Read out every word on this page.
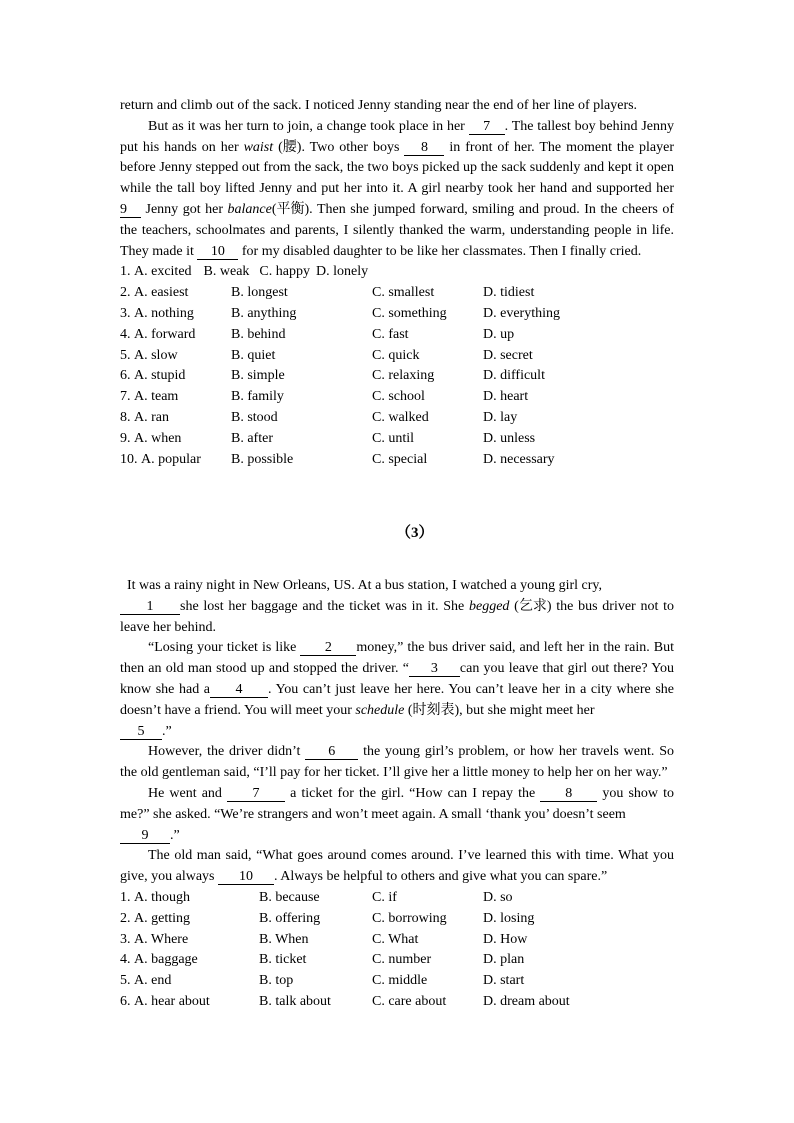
return and climb out of the sack. I noticed Jenny standing near the end of her line of players.
But as it was her turn to join, a change took place in her 7 . The tallest boy behind Jenny
put his hands on her waist (腰). Two other boys 8 in front of her. The moment the player
before Jenny stepped out from the sack, the two boys picked up the sack suddenly and kept it open
while the tall boy lifted Jenny and put her into it. A girl nearby took her hand and supported her
9 Jenny got her balance(平衡). Then she jumped forward, smiling and proud. In the cheers of
the teachers, schoolmates and parents, I silently thanked the warm, understanding people in life.
They made it 10 for my disabled daughter to be like her classmates. Then I finally cried.
1. A. excited B. weak C. happy D. lonely
2. A. easiest	B. longest	C. smallest	D. tidiest
3. A. nothing	B. anything	C. something	D. everything
4. A. forward	B. behind	C. fast	D. up
5. A. slow	B. quiet	C. quick	D. secret
6. A. stupid	B. simple	C. relaxing	D. difficult
7. A. team	B. family	C. school	D. heart
8. A. ran	B. stood	C. walked	D. lay
9. A. when	B. after	C. until	D. unless
10. A. popular B. possible	C. special	D. necessary
（3）
It was a rainy night in New Orleans, US. At a bus station, I watched a young girl cry,
1 she lost her baggage and the ticket was in it. She begged (乞求) the bus driver not to
leave her behind.
“Losing your ticket is like 2 money,” the bus driver said, and left her in the rain. But
then an old man stood up and stopped the driver. “ 3 can you leave that girl out there? You
know she had a 4 . You can’t just leave her here. You can’t leave her in a city where she
doesn’t have a friend. You will meet your schedule (时刻表), but she might meet her
5 .”
However, the driver didn’t 6 the young girl’s problem, or how her travels went. So
the old gentleman said, “I’ll pay for her ticket. I’ll give her a little money to help her on her way.”
He went and 7 a ticket for the girl. “How can I repay the 8 you show to
me?” she asked. “We’re strangers and won’t meet again. A small ‘thank you’ doesn’t seem
9 .”
The old man said, “What goes around comes around. I’ve learned this with time. What you
give, you always 10 . Always be helpful to others and give what you can spare.”
1. A. though	B. because	C. if	D. so
2. A. getting	B. offering	C. borrowing	D. losing
3. A. Where	B. When	C. What	D. How
4. A. baggage	B. ticket	C. number	D. plan
5. A. end	B. top	C. middle	D. start
6. A. hear about	B. talk about	C. care about	D. dream about
